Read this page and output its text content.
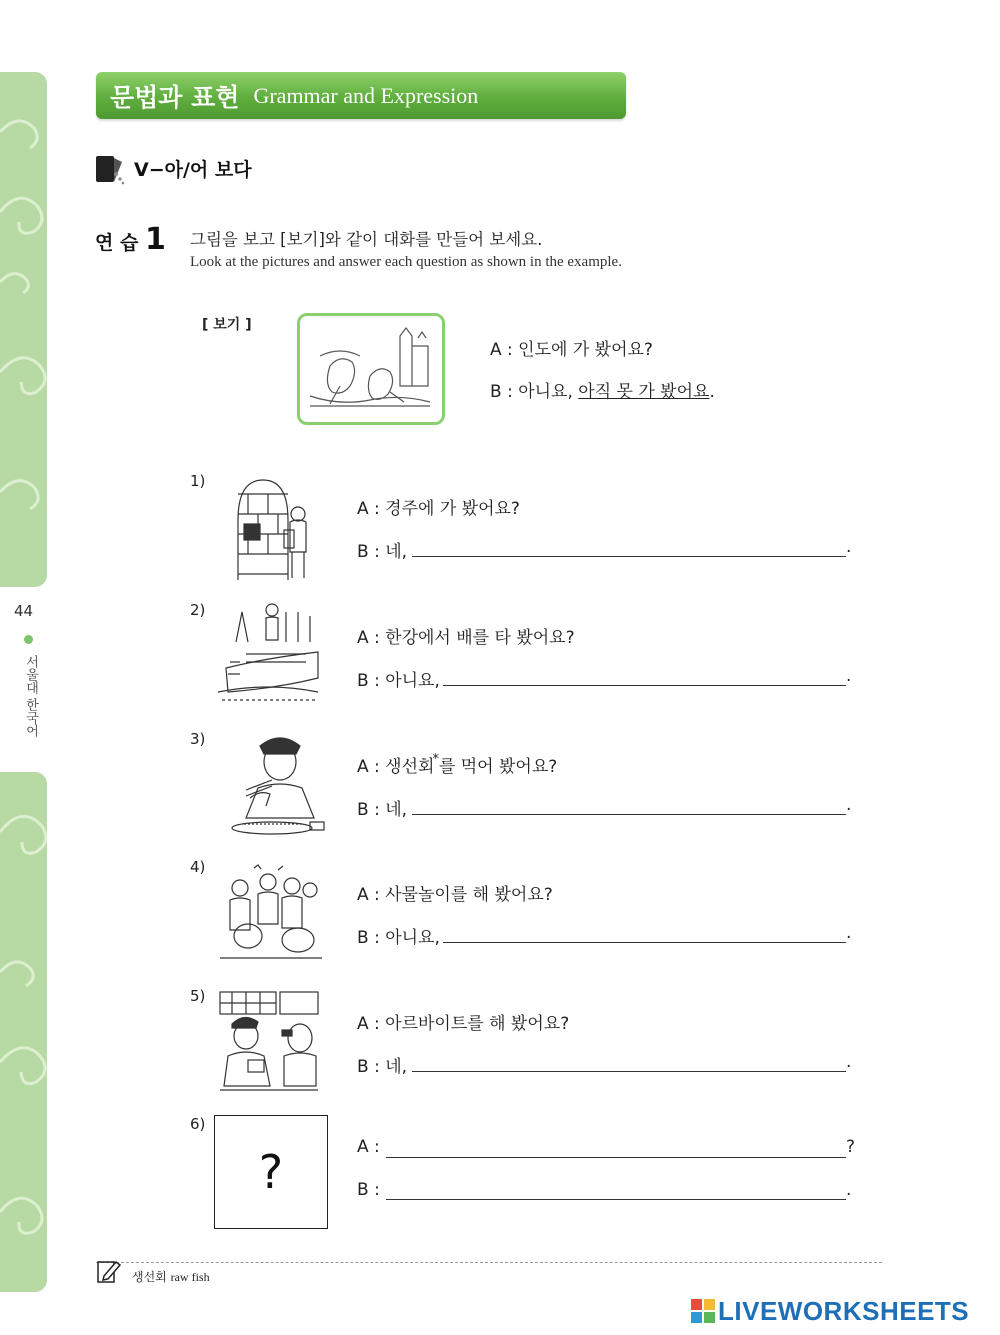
44
서울대 한국어
문법과 표현 Grammar and Expression
V−아/어 보다
연 습 1 그림을 보고 [보기]와 같이 대화를 만들어 보세요.
Look at the pictures and answer each question as shown in the example.
[ 보기 ]
A : 인도에 가 봤어요?
B : 아니요, 아직 못 가 봤어요.
1)
A : 경주에 가 봤어요?
B : 네,	.
2)
A : 한강에서 배를 타 봤어요?
B : 아니요,	.
3)
A : 생선회*를 먹어 봤어요?
B : 네,	.
4)
A : 사물놀이를 해 봤어요?
B : 아니요,	.
5)
A : 아르바이트를 해 봤어요?
B : 네,	.
6)
?	A :	?
B :	.
생선회 raw fish
LIVEWORKSHEETS
